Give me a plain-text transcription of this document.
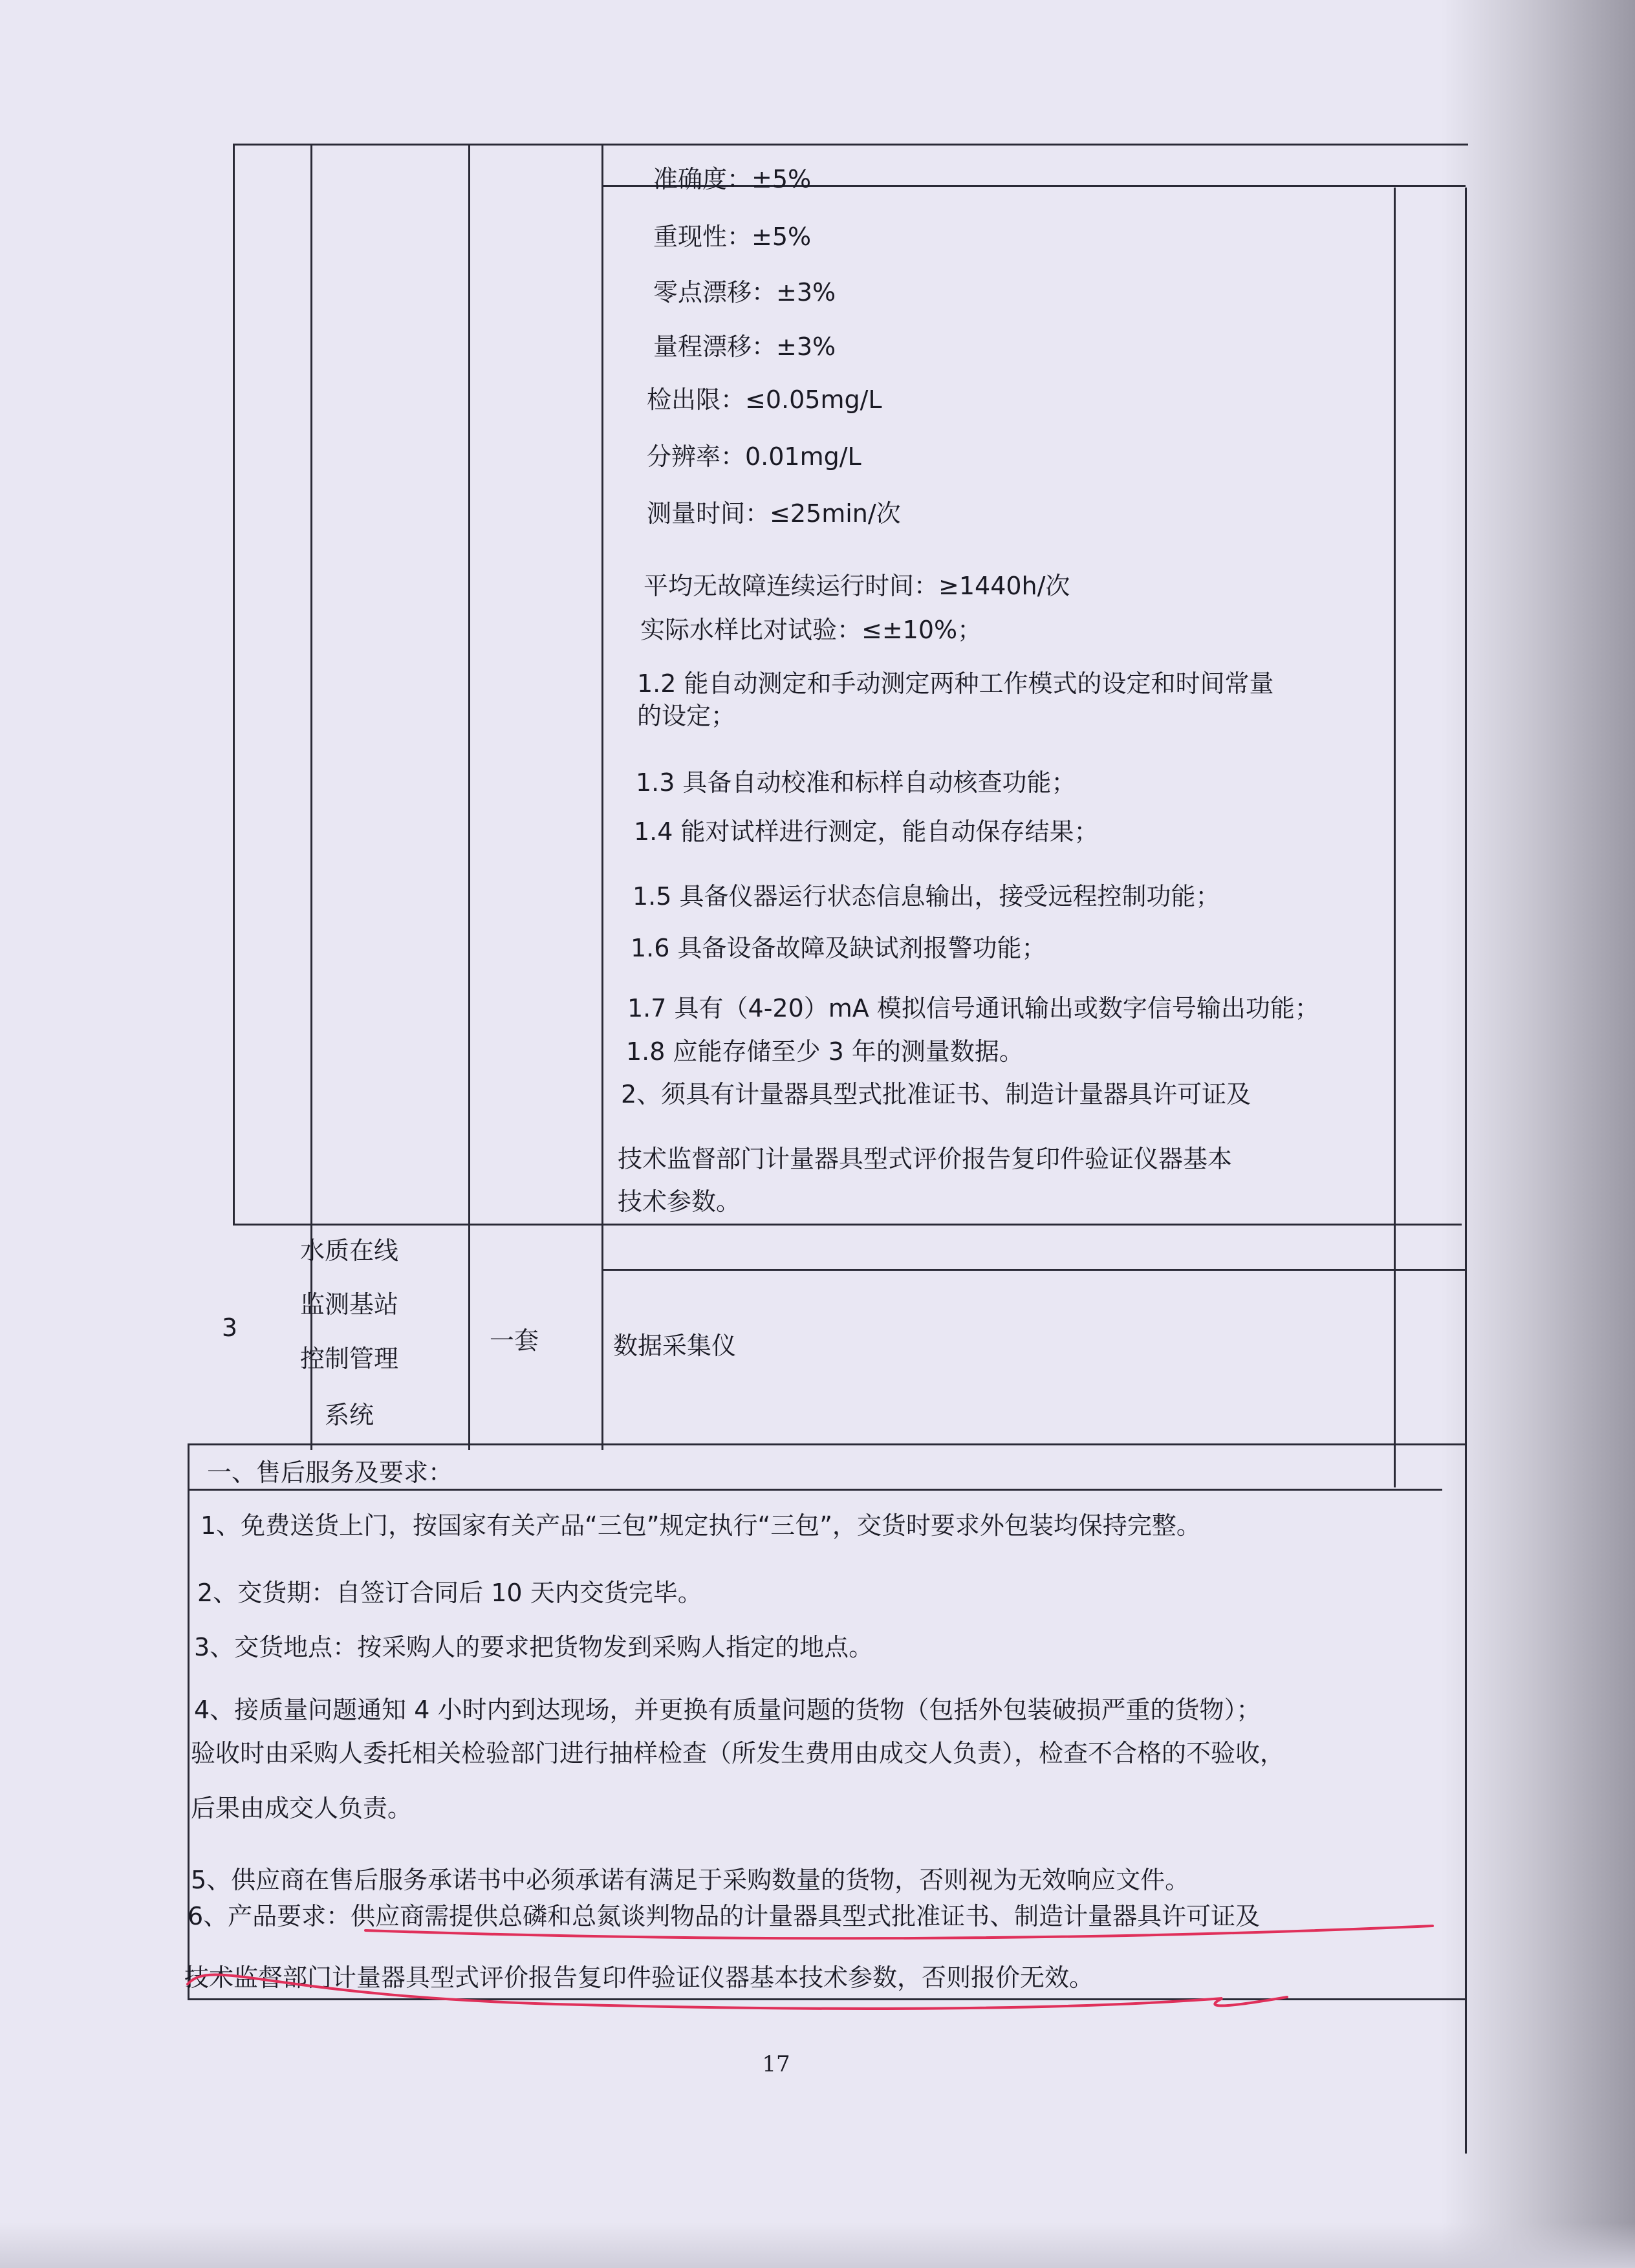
准确度：±5%
重现性：±5%
零点漂移：±3%
量程漂移：±3%
检出限：≤0.05mg/L
分辨率：0.01mg/L
测量时间：≤25min/次
平均无故障连续运行时间：≥1440h/次
实际水样比对试验：≤±10%；
1.2 能自动测定和手动测定两种工作模式的设定和时间常量
的设定；
1.3 具备自动校准和标样自动核查功能；
1.4 能对试样进行测定，能自动保存结果；
1.5 具备仪器运行状态信息输出，接受远程控制功能；
1.6 具备设备故障及缺试剂报警功能；
1.7 具有（4-20）mA 模拟信号通讯输出或数字信号输出功能；
1.8 应能存储至少 3 年的测量数据。
2、须具有计量器具型式批准证书、制造计量器具许可证及
技术监督部门计量器具型式评价报告复印件验证仪器基本
技术参数。
3
水质在线
监测基站
控制管理
系统
一套	数据采集仪
一、售后服务及要求：
1、免费送货上门，按国家有关产品“三包”规定执行“三包”，交货时要求外包装均保持完整。
2、交货期：自签订合同后 10 天内交货完毕。
3、交货地点：按采购人的要求把货物发到采购人指定的地点。
4、接质量问题通知 4 小时内到达现场，并更换有质量问题的货物（包括外包装破损严重的货物）；
验收时由采购人委托相关检验部门进行抽样检查（所发生费用由成交人负责），检查不合格的不验收，
后果由成交人负责。
5、供应商在售后服务承诺书中必须承诺有满足于采购数量的货物，否则视为无效响应文件。
6、产品要求：供应商需提供总磷和总氮谈判物品的计量器具型式批准证书、制造计量器具许可证及
技术监督部门计量器具型式评价报告复印件验证仪器基本技术参数，否则报价无效。
17
